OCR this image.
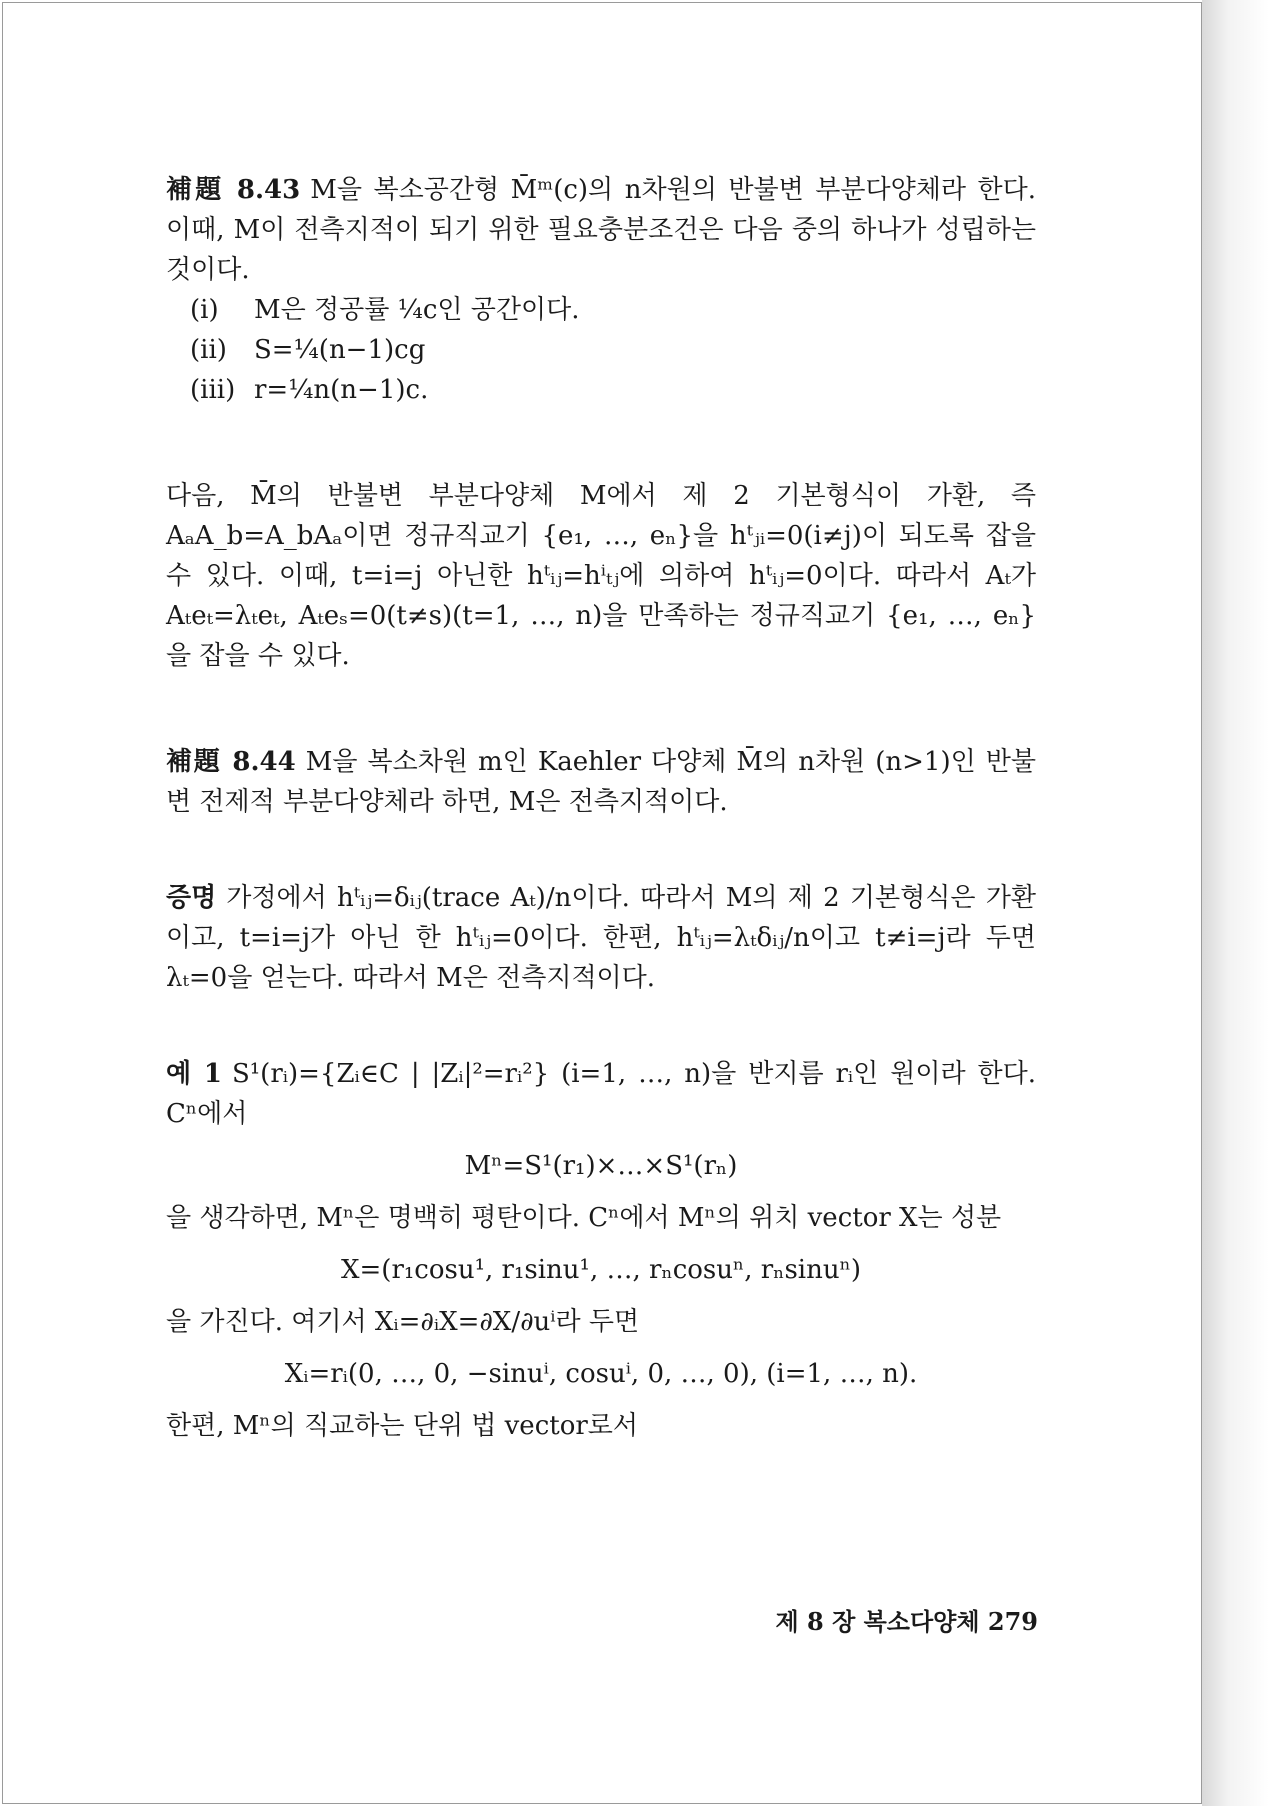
補題 8.43 M을 복소공간형 M̄ᵐ(c)의 n차원의 반불변 부분다양체라 한다. 이때, M이 전측지적이 되기 위한 필요충분조건은 다음 중의 하나가 성립하는 것이다.

(i) M은 정공률 ¼c인 공간이다.

(ii) S=¼(n−1)cg

(iii) r=¼n(n−1)c.

다음, M̄의 반불변 부분다양체 M에서 제 2 기본형식이 가환, 즉 AₐA_b=A_bAₐ이면 정규직교기 {e₁, …, eₙ}을 hᵗⱼᵢ=0(i≠j)이 되도록 잡을 수 있다. 이때, t=i=j 아닌한 hᵗᵢⱼ=hⁱₜⱼ에 의하여 hᵗᵢⱼ=0이다. 따라서 Aₜ가 Aₜeₜ=λₜeₜ, Aₜeₛ=0(t≠s)(t=1, …, n)을 만족하는 정규직교기 {e₁, …, eₙ}을 잡을 수 있다.

補題 8.44 M을 복소차원 m인 Kaehler 다양체 M̄의 n차원 (n>1)인 반불변 전제적 부분다양체라 하면, M은 전측지적이다.

증명 가정에서 hᵗᵢⱼ=δᵢⱼ(trace Aₜ)/n이다. 따라서 M의 제 2 기본형식은 가환이고, t=i=j가 아닌 한 hᵗᵢⱼ=0이다. 한편, hᵗᵢⱼ=λₜδᵢⱼ/n이고 t≠i=j라 두면 λₜ=0을 얻는다. 따라서 M은 전측지적이다.

예 1 S¹(rᵢ)={Zᵢ∈C | |Zᵢ|²=rᵢ²} (i=1, …, n)을 반지름 rᵢ인 원이라 한다. Cⁿ에서

Mⁿ=S¹(r₁)×…×S¹(rₙ)

을 생각하면, Mⁿ은 명백히 평탄이다. Cⁿ에서 Mⁿ의 위치 vector X는 성분

X=(r₁cosu¹, r₁sinu¹, …, rₙcosuⁿ, rₙsinuⁿ)

을 가진다. 여기서 Xᵢ=∂ᵢX=∂X/∂uⁱ라 두면

Xᵢ=rᵢ(0, …, 0, −sinuⁱ, cosuⁱ, 0, …, 0), (i=1, …, n).

한편, Mⁿ의 직교하는 단위 법 vector로서

제 8 장 복소다양체 279
